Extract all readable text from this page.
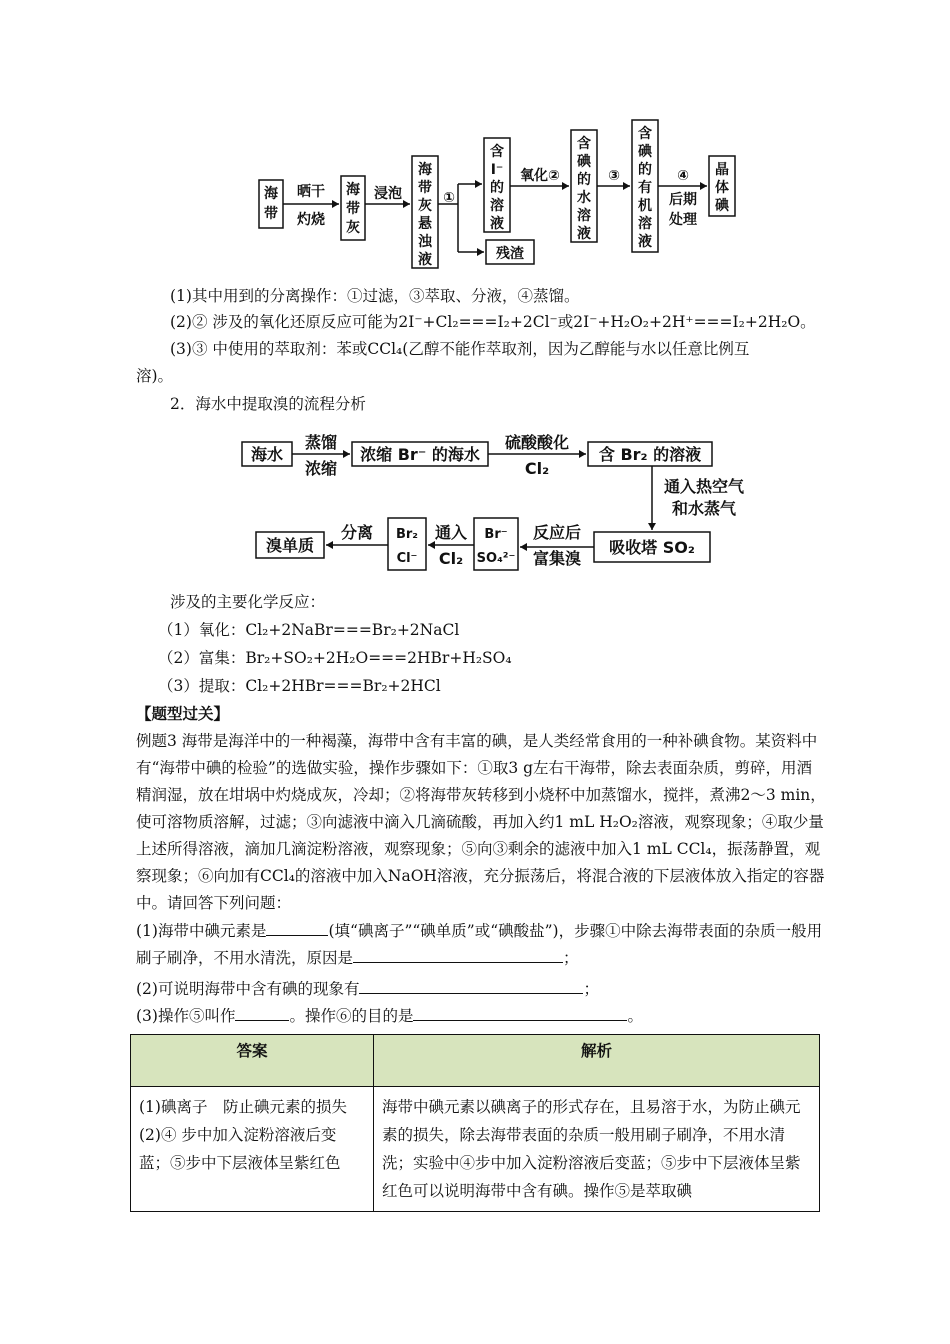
海
带
海
带
灰
海
带
灰
悬
浊
液
含
I⁻
的
溶
液
残渣
含
碘
的
水
溶
液
含
碘
的
有
机
溶
液
晶
体
碘
晒干
灼烧
浸泡	①
氧化②	③	④
后期
处理
(1)其中用到的分离操作：①过滤，③萃取、分液，④蒸馏。
(2)② 涉及的氧化还原反应可能为2I⁻+Cl₂===I₂+2Cl⁻或2I⁻+H₂O₂+2H⁺===I₂+2H₂O。
(3)③ 中使用的萃取剂：苯或CCl₄(乙醇不能作萃取剂，因为乙醇能与水以任意比例互
溶)。
2．海水中提取溴的流程分析
海水	浓缩 Br⁻ 的海水	含 Br₂ 的溶液
吸收塔 SO₂
Br⁻
SO₄²⁻
Br₂
Cl⁻
溴单质
蒸馏
浓缩
硫酸酸化
Cl₂
通入热空气
和水蒸气
反应后
富集溴
通入
Cl₂
分离
涉及的主要化学反应：
（1）氧化：Cl₂+2NaBr===Br₂+2NaCl
（2）富集：Br₂+SO₂+2H₂O===2HBr+H₂SO₄
（3）提取：Cl₂+2HBr===Br₂+2HCl
【题型过关】
例题3 海带是海洋中的一种褐藻，海带中含有丰富的碘，是人类经常食用的一种补碘食物。某资料中有“海带中碘的检验”的选做实验，操作步骤如下：①取3 g左右干海带，除去表面杂质，剪碎，用酒精润湿，放在坩埚中灼烧成灰，冷却；②将海带灰转移到小烧杯中加蒸馏水，搅拌，煮沸2～3 min，使可溶物质溶解，过滤；③向滤液中滴入几滴硫酸，再加入约1 mL H₂O₂溶液，观察现象；④取少量上述所得溶液，滴加几滴淀粉溶液，观察现象；⑤向③剩余的滤液中加入1 mL CCl₄，振荡静置，观察现象；⑥向加有CCl₄的溶液中加入NaOH溶液，充分振荡后，将混合液的下层液体放入指定的容器中。请回答下列问题：
(1)海带中碘元素是	(填“碘离子”“碘单质”或“碘酸盐”)，步骤①中除去海带表面的杂质一般用刷子刷净，不用水清洗，原因是	；
(2)可说明海带中含有碘的现象有	；
(3)操作⑤叫作	。操作⑥的目的是	。
答案	解析
(1)碘离子　防止碘元素的损失
(2)④ 步中加入淀粉溶液后变蓝；⑤步中下层液体呈紫红色	海带中碘元素以碘离子的形式存在，且易溶于水，为防止碘元素的损失，除去海带表面的杂质一般用刷子刷净，不用水清洗；实验中④步中加入淀粉溶液后变蓝；⑤步中下层液体呈紫红色可以说明海带中含有碘。操作⑤是萃取碘
